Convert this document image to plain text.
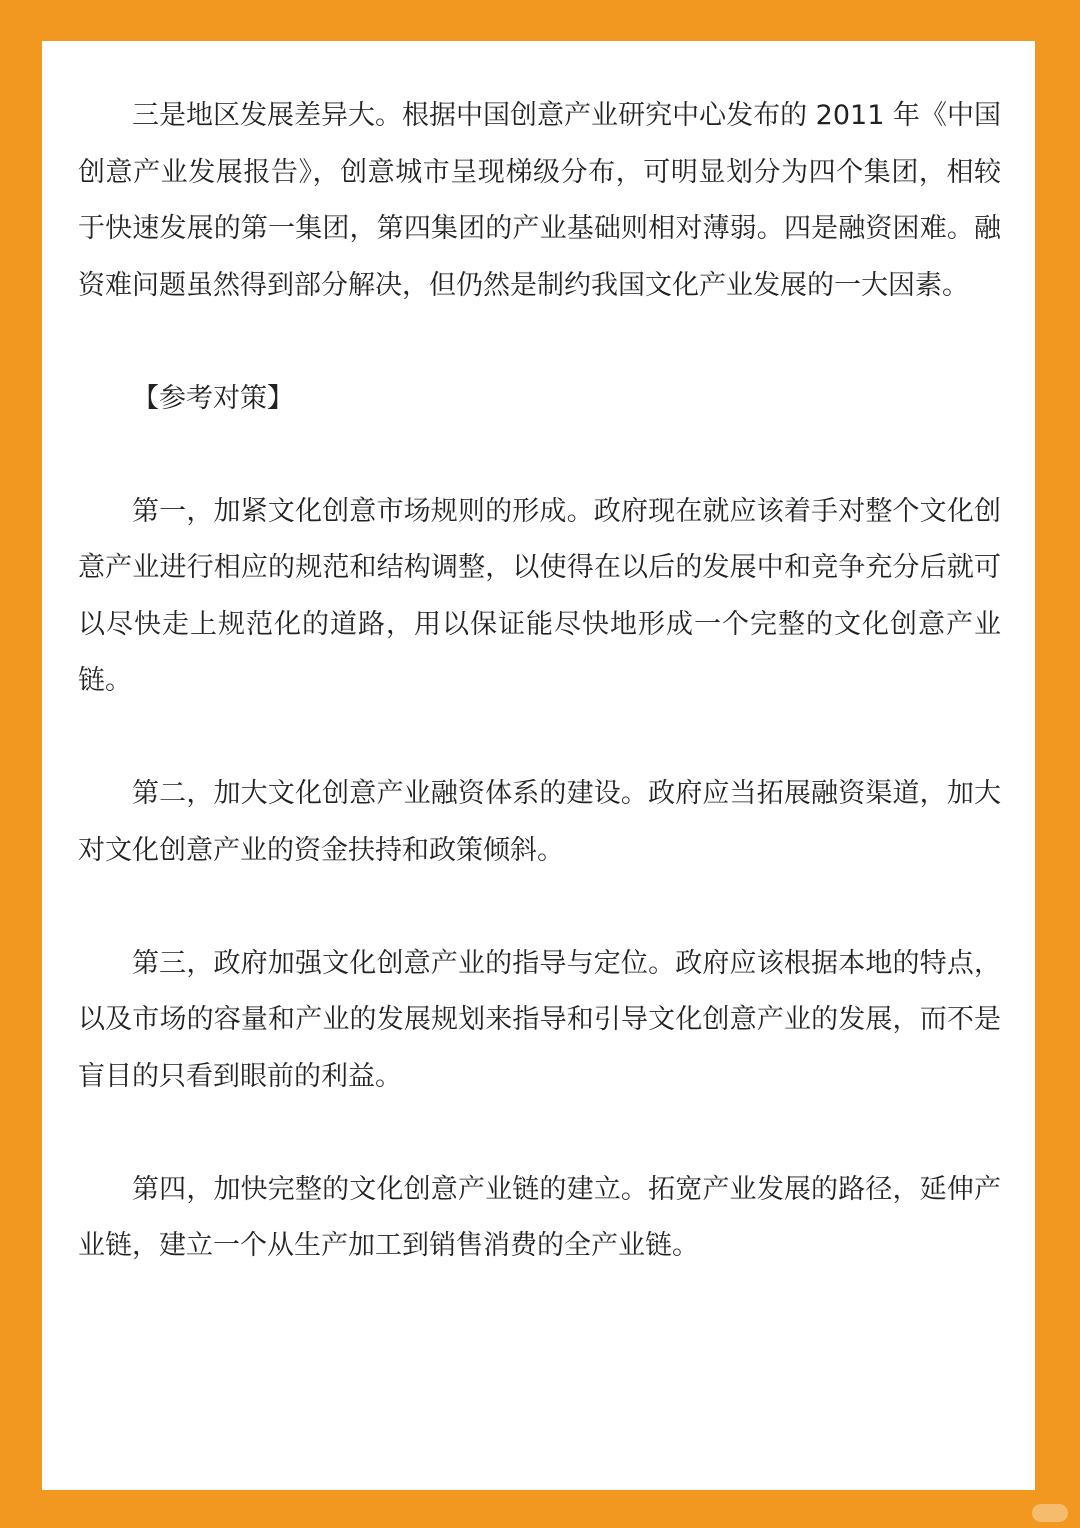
三是地区发展差异大。根据中国创意产业研究中心发布的 2011 年《中国创意产业发展报告》，创意城市呈现梯级分布，可明显划分为四个集团，相较于快速发展的第一集团，第四集团的产业基础则相对薄弱。四是融资困难。融资难问题虽然得到部分解决，但仍然是制约我国文化产业发展的一大因素。

【参考对策】

第一，加紧文化创意市场规则的形成。政府现在就应该着手对整个文化创意产业进行相应的规范和结构调整，以使得在以后的发展中和竞争充分后就可以尽快走上规范化的道路，用以保证能尽快地形成一个完整的文化创意产业链。

第二，加大文化创意产业融资体系的建设。政府应当拓展融资渠道，加大对文化创意产业的资金扶持和政策倾斜。

第三，政府加强文化创意产业的指导与定位。政府应该根据本地的特点，以及市场的容量和产业的发展规划来指导和引导文化创意产业的发展，而不是盲目的只看到眼前的利益。

第四，加快完整的文化创意产业链的建立。拓宽产业发展的路径，延伸产业链，建立一个从生产加工到销售消费的全产业链。
